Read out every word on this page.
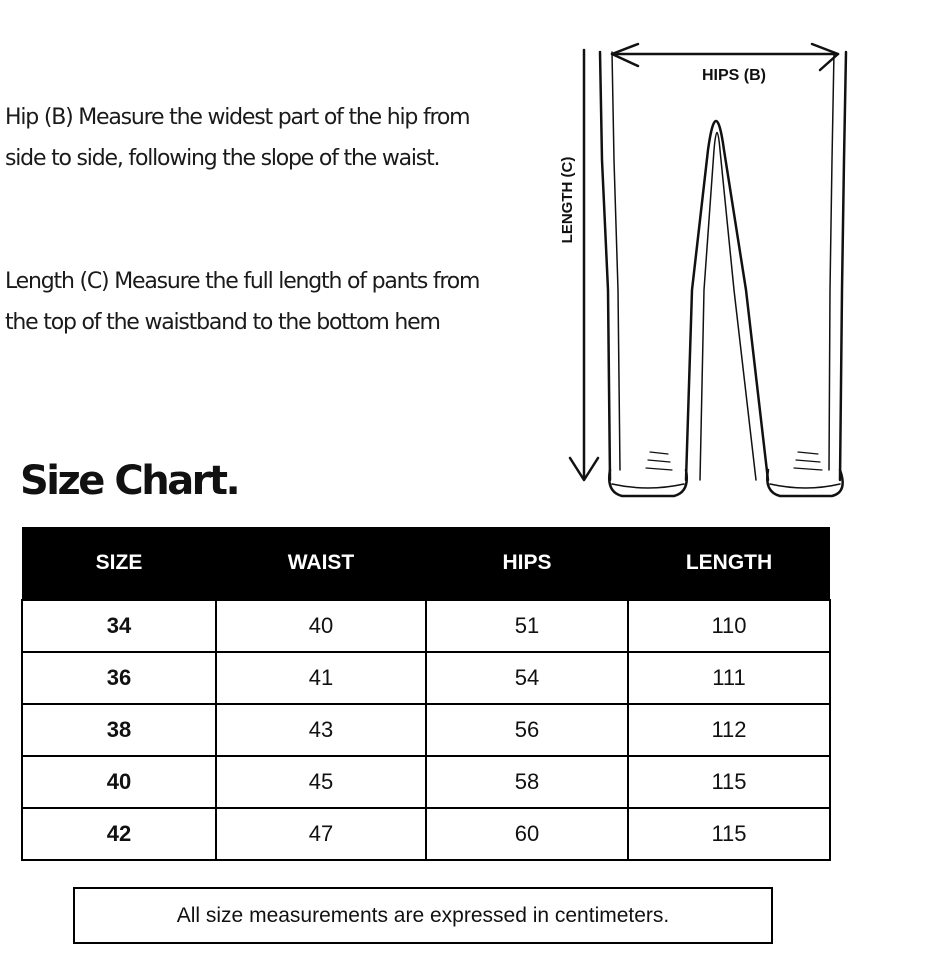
Hip (B) Measure the widest part of the hip from
side to side, following the slope of the waist.

Length (C) Measure the full length of pants from
the top of the waistband to the bottom hem

HIPS (B)
LENGTH (C)
Size Chart.
SIZE	WAIST	HIPS	LENGTH
34	40	51	110
36	41	54	111
38	43	56	112
40	45	58	115
42	47	60	115
All size measurements are expressed in centimeters.
